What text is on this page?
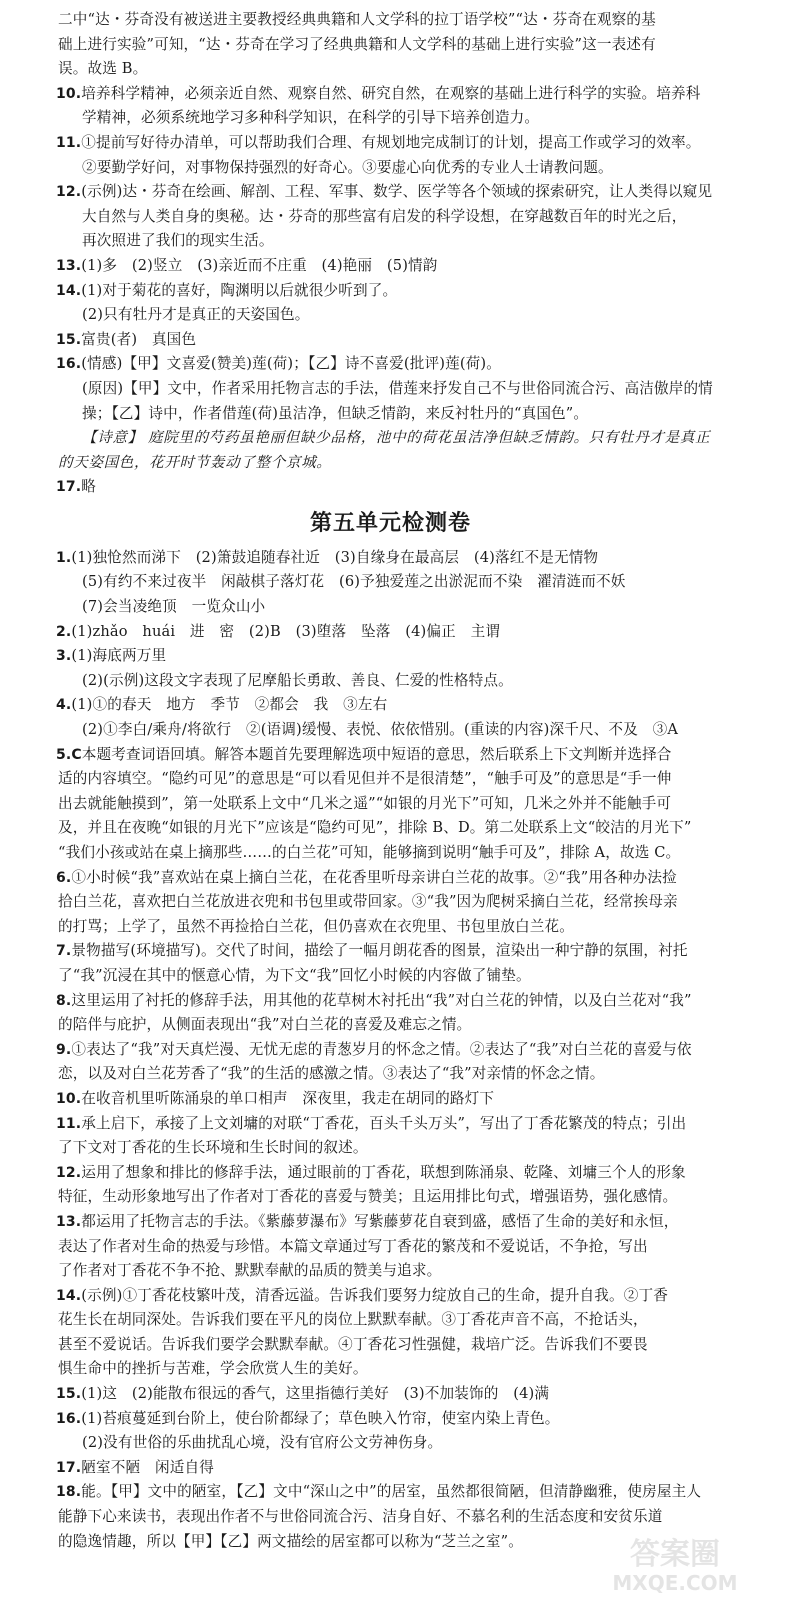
二中“达・芬奇没有被送进主要教授经典典籍和人文学科的拉丁语学校”“达・芬奇在观察的基
础上进行实验”可知，“达・芬奇在学习了经典典籍和人文学科的基础上进行实验”这一表述有
误。故选 B。
10.培养科学精神，必须亲近自然、观察自然、研究自然，在观察的基础上进行科学的实验。培养科
学精神，必须系统地学习多种科学知识，在科学的引导下培养创造力。
11.①提前写好待办清单，可以帮助我们合理、有规划地完成制订的计划，提高工作或学习的效率。
②要勤学好问，对事物保持强烈的好奇心。③要虚心向优秀的专业人士请教问题。
12.(示例)达・芬奇在绘画、解剖、工程、军事、数学、医学等各个领域的探索研究，让人类得以窥见
大自然与人类自身的奥秘。达・芬奇的那些富有启发的科学设想，在穿越数百年的时光之后，
再次照进了我们的现实生活。
13.(1)多　(2)竖立　(3)亲近而不庄重　(4)艳丽　(5)情韵
14.(1)对于菊花的喜好，陶渊明以后就很少听到了。
(2)只有牡丹才是真正的天姿国色。
15.富贵(者)　真国色
16.(情感)【甲】文喜爱(赞美)莲(荷)；【乙】诗不喜爱(批评)莲(荷)。
(原因)【甲】文中，作者采用托物言志的手法，借莲来抒发自己不与世俗同流合污、高洁傲岸的情
操；【乙】诗中，作者借莲(荷)虽洁净，但缺乏情韵，来反衬牡丹的“真国色”。
【诗意】 庭院里的芍药虽艳丽但缺少品格，池中的荷花虽洁净但缺乏情韵。只有牡丹才是真正
的天姿国色，花开时节轰动了整个京城。
17.略
第五单元检测卷
1.(1)独怆然而涕下　(2)箫鼓追随春社近　(3)自缘身在最高层　(4)落红不是无情物
(5)有约不来过夜半　闲敲棋子落灯花　(6)予独爱莲之出淤泥而不染　濯清涟而不妖
(7)会当凌绝顶　一览众山小
2.(1)zhǎo　huái　进　密　(2)B　(3)堕落　坠落　(4)偏正　主谓
3.(1)海底两万里
(2)(示例)这段文字表现了尼摩船长勇敢、善良、仁爱的性格特点。
4.(1)①的春天　地方　季节　②都会　我　③左右
(2)①李白/乘舟/将欲行　②(语调)缓慢、表悦、依依惜别。(重读的内容)深千尺、不及　③A
5.C本题考查词语回填。解答本题首先要理解选项中短语的意思，然后联系上下文判断并选择合
适的内容填空。“隐约可见”的意思是“可以看见但并不是很清楚”，“触手可及”的意思是“手一伸
出去就能触摸到”，第一处联系上文中“几米之遥”“如银的月光下”可知，几米之外并不能触手可
及，并且在夜晚“如银的月光下”应该是“隐约可见”，排除 B、D。第二处联系上文“皎洁的月光下”
“我们小孩或站在桌上摘那些……的白兰花”可知，能够摘到说明“触手可及”，排除 A，故选 C。
6.①小时候“我”喜欢站在桌上摘白兰花，在花香里听母亲讲白兰花的故事。②“我”用各种办法捡
拾白兰花，喜欢把白兰花放进衣兜和书包里或带回家。③“我”因为爬树采摘白兰花，经常挨母亲
的打骂；上学了，虽然不再捡拾白兰花，但仍喜欢在衣兜里、书包里放白兰花。
7.景物描写(环境描写)。交代了时间，描绘了一幅月朗花香的图景，渲染出一种宁静的氛围，衬托
了“我”沉浸在其中的惬意心情，为下文“我”回忆小时候的内容做了铺垫。
8.这里运用了衬托的修辞手法，用其他的花草树木衬托出“我”对白兰花的钟情，以及白兰花对“我”
的陪伴与庇护，从侧面表现出“我”对白兰花的喜爱及难忘之情。
9.①表达了“我”对天真烂漫、无忧无虑的青葱岁月的怀念之情。②表达了“我”对白兰花的喜爱与依
恋，以及对白兰花芳香了“我”的生活的感激之情。③表达了“我”对亲情的怀念之情。
10.在收音机里听陈涌泉的单口相声　深夜里，我走在胡同的路灯下
11.承上启下，承接了上文刘墉的对联“丁香花，百头千头万头”，写出了丁香花繁茂的特点；引出
了下文对丁香花的生长环境和生长时间的叙述。
12.运用了想象和排比的修辞手法，通过眼前的丁香花，联想到陈涌泉、乾隆、刘墉三个人的形象
特征，生动形象地写出了作者对丁香花的喜爱与赞美；且运用排比句式，增强语势，强化感情。
13.都运用了托物言志的手法。《紫藤萝瀑布》写紫藤萝花自衰到盛，感悟了生命的美好和永恒，
表达了作者对生命的热爱与珍惜。本篇文章通过写丁香花的繁茂和不爱说话，不争抢，写出
了作者对丁香花不争不抢、默默奉献的品质的赞美与追求。
14.(示例)①丁香花枝繁叶茂，清香远溢。告诉我们要努力绽放自己的生命，提升自我。②丁香
花生长在胡同深处。告诉我们要在平凡的岗位上默默奉献。③丁香花声音不高，不抢话头，
甚至不爱说话。告诉我们要学会默默奉献。④丁香花习性强健，栽培广泛。告诉我们不要畏
惧生命中的挫折与苦难，学会欣赏人生的美好。
15.(1)这　(2)能散布很远的香气，这里指德行美好　(3)不加装饰的　(4)满
16.(1)苔痕蔓延到台阶上，使台阶都绿了；草色映入竹帘，使室内染上青色。
(2)没有世俗的乐曲扰乱心境，没有官府公文劳神伤身。
17.陋室不陋　闲适自得
18.能。【甲】文中的陋室，【乙】文中“深山之中”的居室，虽然都很简陋，但清静幽雅，使房屋主人
能静下心来读书，表现出作者不与世俗同流合污、洁身自好、不慕名利的生活态度和安贫乐道
的隐逸情趣，所以【甲】【乙】两文描绘的居室都可以称为“芝兰之室”。	答案圈
MXQE.COM
